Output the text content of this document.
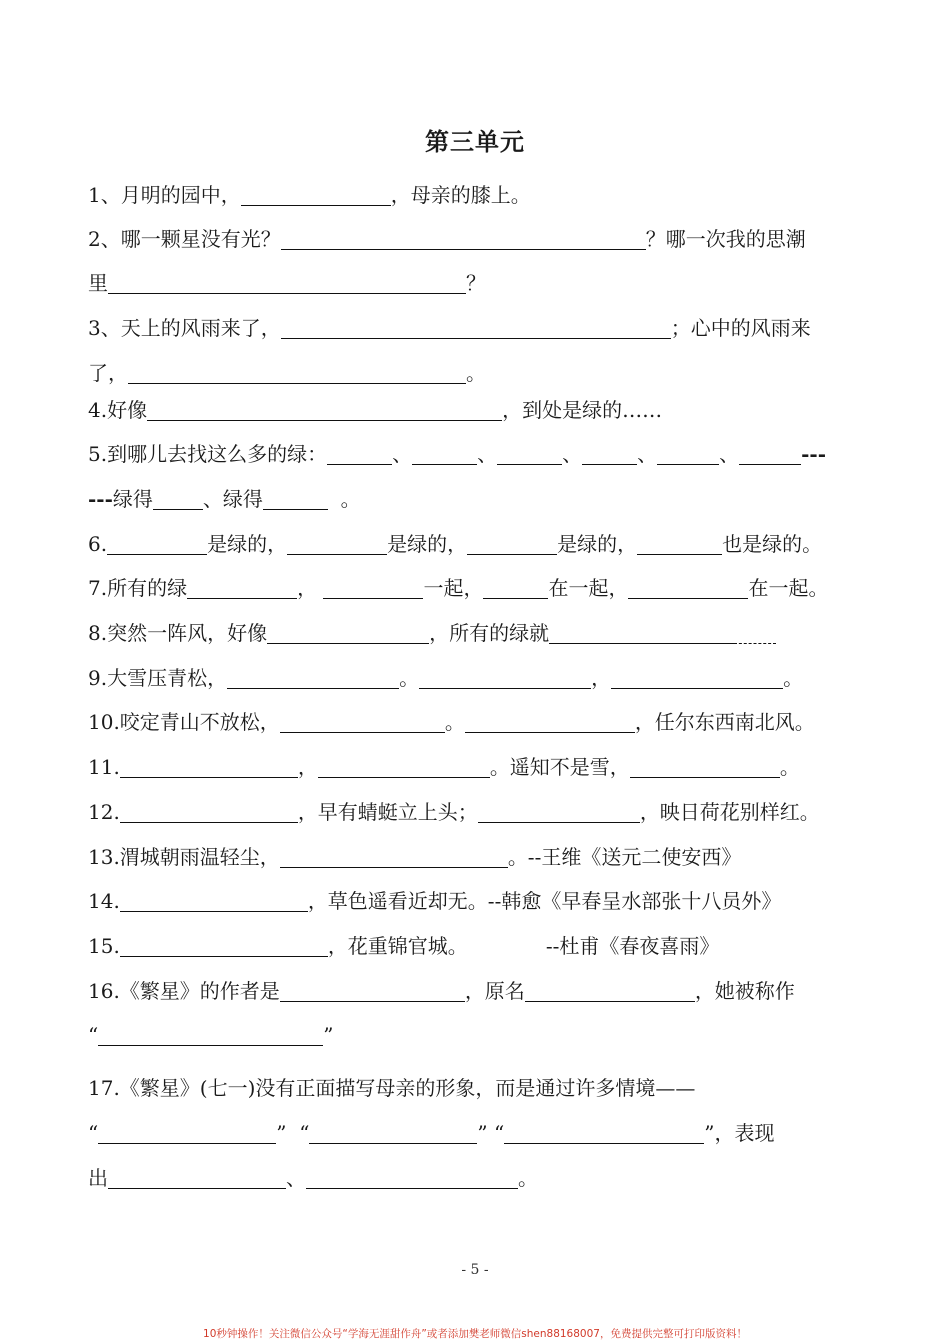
第三单元
1、月明的园中，	，母亲的膝上。
2、哪一颗星没有光？	？哪一次我的思潮
里	？
3、天上的风雨来了，	；心中的风雨来
了，	。
4.好像	，到处是绿的……
5.到哪儿去找这么多的绿：	、	、	、	、	、	---
---绿得	、绿得	。
6.	是绿的，	是绿的，	是绿的，	也是绿的。
7.所有的绿	，	一起，	在一起，	在一起。
8.突然一阵风，好像	，所有的绿就
9.大雪压青松，	。	，	。
10.咬定青山不放松，	。	，任尔东西南北风。
11.	，	。遥知不是雪，	。
12.	，早有蜻蜓立上头；	，映日荷花别样红。
13.渭城朝雨温轻尘，	。--王维《送元二使安西》
14.	，草色遥看近却无。--韩愈《早春呈水部张十八员外》
15.	，花重锦官城。	--杜甫《春夜喜雨》
16.《繁星》的作者是	，原名	，她被称作
“	”
17.《繁星》(七一)没有正面描写母亲的形象，而是通过许多情境——
“	” “	” “	”，表现
出	、	。
- 5 -
10秒钟操作！关注微信公众号“学海无涯甜作舟”或者添加樊老师微信shen88168007，免费提供完整可打印版资料！
